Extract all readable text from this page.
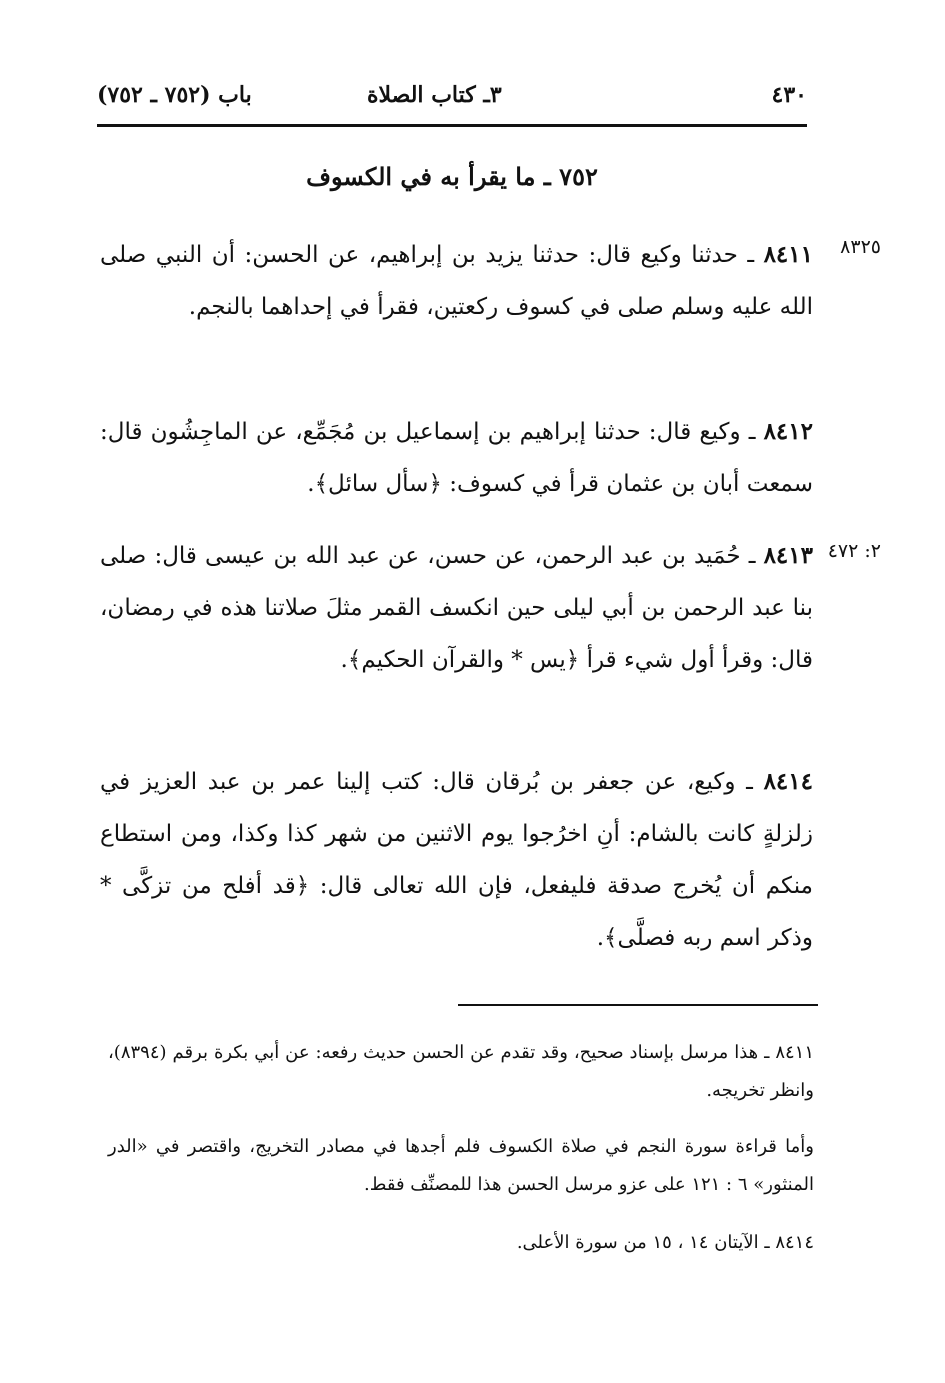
٤٣٠
٣ـ كتاب الصلاة
باب (٧٥٢ ـ ٧٥٢)
٧٥٢ ـ ما يقرأ به في الكسوف
٨٣٢٥

٨٤١١ ـ حدثنا وكيع قال: حدثنا يزيد بن إبراهيم، عن الحسن: أن النبي صلى الله عليه وسلم صلى في كسوف ركعتين، فقرأ في إحداهما بالنجم.

٨٤١٢ ـ وكيع قال: حدثنا إبراهيم بن إسماعيل بن مُجَمِّع، عن الماجِشُون قال: سمعت أبان بن عثمان قرأ في كسوف: ﴿سأل سائل﴾.

٢: ٤٧٢

٨٤١٣ ـ حُمَيد بن عبد الرحمن، عن حسن، عن عبد الله بن عيسى قال: صلى بنا عبد الرحمن بن أبي ليلى حين انكسف القمر مثلَ صلاتنا هذه في رمضان، قال: وقرأ أول شيء قرأ ﴿يس * والقرآن الحكيم﴾.

٨٤١٤ ـ وكيع، عن جعفر بن بُرقان قال: كتب إلينا عمر بن عبد العزيز في زلزلةٍ كانت بالشام: أنِ اخرُجوا يوم الاثنين من شهر كذا وكذا، ومن استطاع منكم أن يُخرج صدقة فليفعل، فإن الله تعالى قال: ﴿قد أفلح من تزكَّى * وذكر اسم ربه فصلَّى﴾.

٨٤١١ ـ هذا مرسل بإسناد صحيح، وقد تقدم عن الحسن حديث رفعه: عن أبي بكرة برقم (٨٣٩٤)، وانظر تخريجه.

وأما قراءة سورة النجم في صلاة الكسوف فلم أجدها في مصادر التخريج، واقتصر في «الدر المنثور» ٦ : ١٢١ على عزو مرسل الحسن هذا للمصنِّف فقط.

٨٤١٤ ـ الآيتان ١٤ ، ١٥ من سورة الأعلى.
